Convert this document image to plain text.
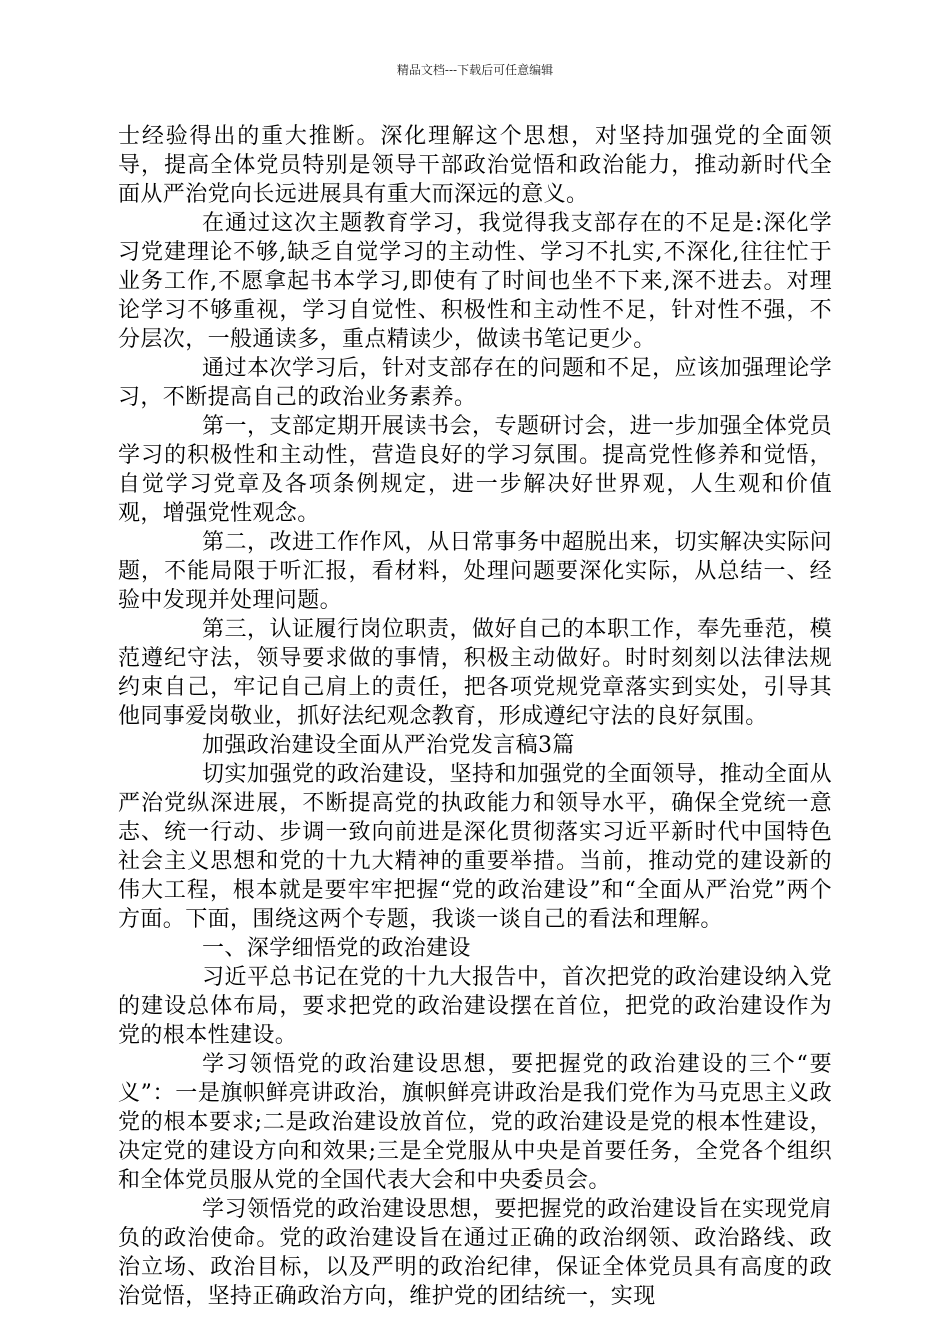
精品文档---下载后可任意编辑

士经验得出的重大推断。深化理解这个思想，对坚持加强党的全面领导，提高全体党员特别是领导干部政治觉悟和政治能力，推动新时代全面从严治党向长远进展具有重大而深远的意义。

在通过这次主题教育学习，我觉得我支部存在的不足是:深化学习党建理论不够,缺乏自觉学习的主动性、学习不扎实,不深化,往往忙于业务工作,不愿拿起书本学习,即使有了时间也坐不下来,深不进去。对理论学习不够重视，学习自觉性、积极性和主动性不足，针对性不强，不分层次，一般通读多，重点精读少，做读书笔记更少。

通过本次学习后，针对支部存在的问题和不足，应该加强理论学习，不断提高自己的政治业务素养。

第一，支部定期开展读书会，专题研讨会，进一步加强全体党员学习的积极性和主动性，营造良好的学习氛围。提高党性修养和觉悟，自觉学习党章及各项条例规定，进一步解决好世界观，人生观和价值观，增强党性观念。

第二，改进工作作风，从日常事务中超脱出来，切实解决实际问题，不能局限于听汇报，看材料，处理问题要深化实际，从总结一、经验中发现并处理问题。

第三，认证履行岗位职责，做好自己的本职工作，奉先垂范，模范遵纪守法，领导要求做的事情，积极主动做好。时时刻刻以法律法规约束自己，牢记自己肩上的责任，把各项党规党章落实到实处，引导其他同事爱岗敬业，抓好法纪观念教育，形成遵纪守法的良好氛围。

加强政治建设全面从严治党发言稿3篇

切实加强党的政治建设，坚持和加强党的全面领导，推动全面从严治党纵深进展，不断提高党的执政能力和领导水平，确保全党统一意志、统一行动、步调一致向前进是深化贯彻落实习近平新时代中国特色社会主义思想和党的十九大精神的重要举措。当前，推动党的建设新的伟大工程，根本就是要牢牢把握“党的政治建设”和“全面从严治党”两个方面。下面，围绕这两个专题，我谈一谈自己的看法和理解。

一、深学细悟党的政治建设

习近平总书记在党的十九大报告中，首次把党的政治建设纳入党的建设总体布局，要求把党的政治建设摆在首位，把党的政治建设作为党的根本性建设。

学习领悟党的政治建设思想，要把握党的政治建设的三个“要义”：一是旗帜鲜亮讲政治，旗帜鲜亮讲政治是我们党作为马克思主义政党的根本要求;二是政治建设放首位，党的政治建设是党的根本性建设，决定党的建设方向和效果;三是全党服从中央是首要任务，全党各个组织和全体党员服从党的全国代表大会和中央委员会。

学习领悟党的政治建设思想，要把握党的政治建设旨在实现党肩负的政治使命。党的政治建设旨在通过正确的政治纲领、政治路线、政治立场、政治目标，以及严明的政治纪律，保证全体党员具有高度的政治觉悟，坚持正确政治方向，维护党的团结统一，实现
